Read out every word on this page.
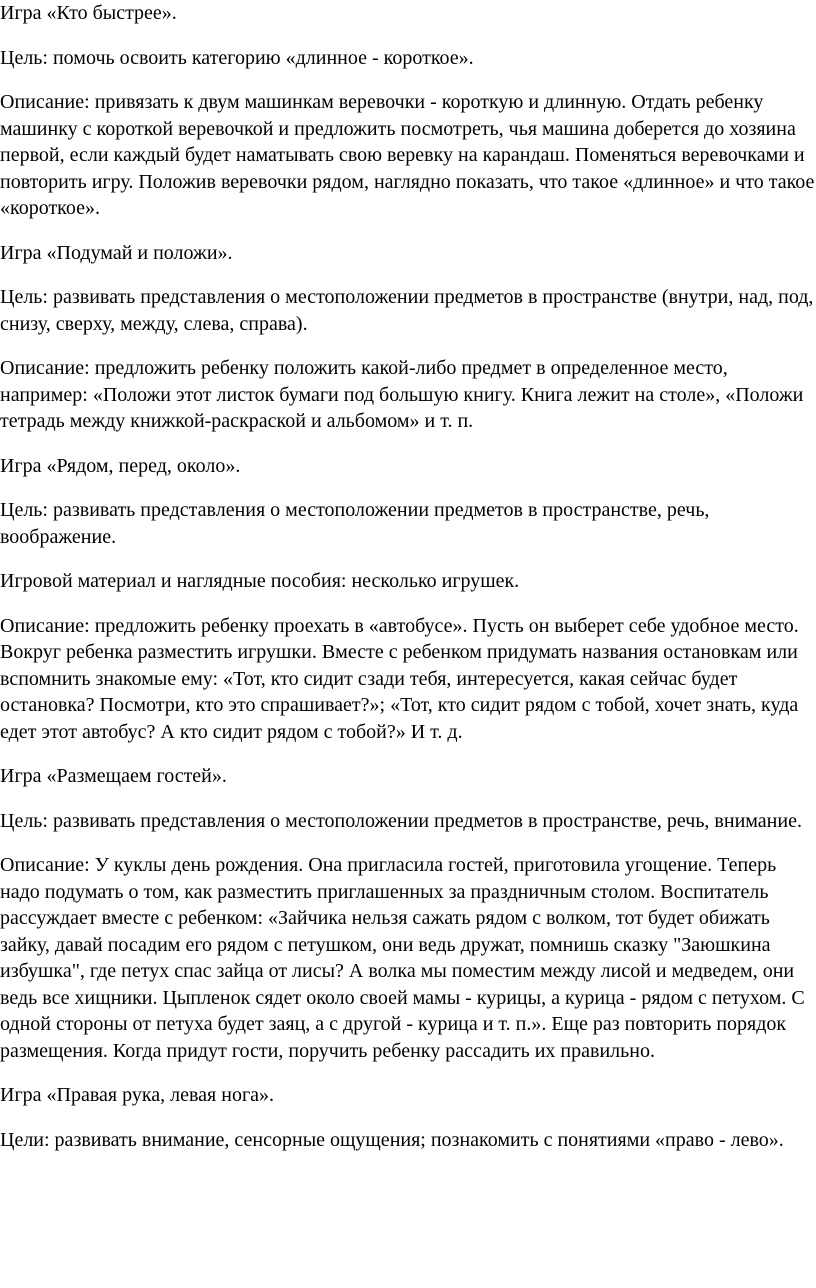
Игра «Кто быстрее».

Цель: помочь освоить категорию «длинное - короткое».

Описание: привязать к двум машинкам веревочки - короткую и длинную. Отдать ребенку машинку с короткой веревочкой и предложить посмотреть, чья машина доберется до хозяина первой, если каждый будет наматывать свою веревку на карандаш. Поменяться веревочками и повторить игру. Положив веревочки рядом, наглядно показать, что такое «длинное» и что такое «короткое».

Игра «Подумай и положи».

Цель: развивать представления о местоположении предметов в пространстве (внутри, над, под, снизу, сверху, между, слева, справа).

Описание: предложить ребенку положить какой-либо предмет в определенное место, например: «Положи этот листок бумаги под большую книгу. Книга лежит на столе», «Положи тетрадь между книжкой-раскраской и альбомом» и т. п.

Игра «Рядом, перед, около».

Цель: развивать представления о местоположении предметов в пространстве, речь, воображение.

Игровой материал и наглядные пособия: несколько игрушек.

Описание: предложить ребенку проехать в «автобусе». Пусть он выберет себе удобное место. Вокруг ребенка разместить игрушки. Вместе с ребенком придумать названия остановкам или вспомнить знакомые ему: «Тот, кто сидит сзади тебя, интересуется, какая сейчас будет остановка? Посмотри, кто это спрашивает?»; «Тот, кто сидит рядом с тобой, хочет знать, куда едет этот автобус? А кто сидит рядом с тобой?» И т. д.

Игра «Размещаем гостей».

Цель: развивать представления о местоположении предметов в пространстве, речь, внимание.

Описание: У куклы день рождения. Она пригласила гостей, приготовила угощение. Теперь надо подумать о том, как разместить приглашенных за праздничным столом. Воспитатель рассуждает вместе с ребенком: «Зайчика нельзя сажать рядом с волком, тот будет обижать зайку, давай посадим его рядом с петушком, они ведь дружат, помнишь сказку "Заюшкина избушка", где петух спас зайца от лисы? А волка мы поместим между лисой и медведем, они ведь все хищники. Цыпленок сядет около своей мамы - курицы, а курица - рядом с петухом. С одной стороны от петуха будет заяц, а с другой - курица и т. п.». Еще раз повторить порядок размещения. Когда придут гости, поручить ребенку рассадить их правильно.

Игра «Правая рука, левая нога».

Цели: развивать внимание, сенсорные ощущения; познакомить с понятиями «право - лево».
